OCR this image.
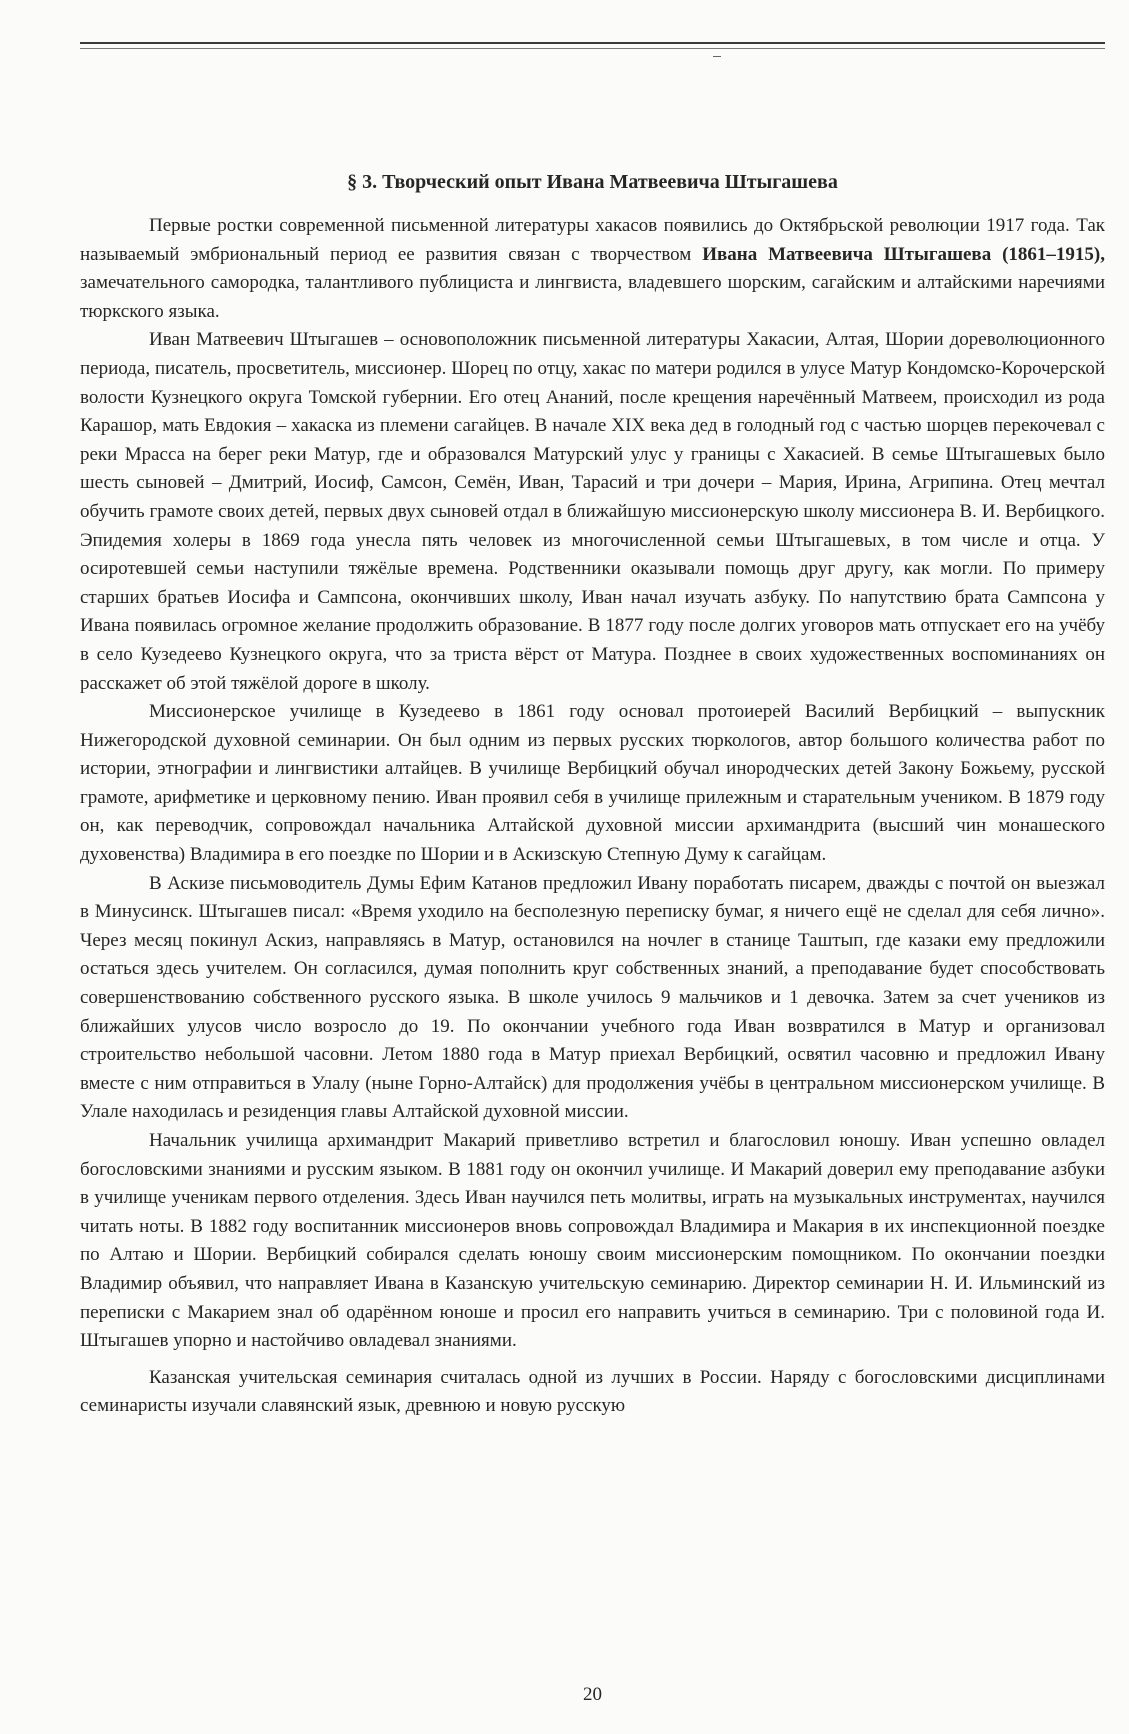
§ 3. Творческий опыт Ивана Матвеевича Штыгашева

Первые ростки современной письменной литературы хакасов появились до Октябрьской революции 1917 года. Так называемый эмбриональный период ее развития связан с творчеством Ивана Матвеевича Штыгашева (1861–1915), замечательного самородка, талантливого публициста и лингвиста, владевшего шорским, сагайским и алтайскими наречиями тюркского языка.

Иван Матвеевич Штыгашев – основоположник письменной литературы Хакасии, Алтая, Шории дореволюционного периода, писатель, просветитель, миссионер. Шорец по отцу, хакас по матери родился в улусе Матур Кондомско-Корочерской волости Кузнецкого округа Томской губернии. Его отец Ананий, после крещения наречённый Матвеем, происходил из рода Карашор, мать Евдокия – хакаска из племени сагайцев. В начале XIX века дед в голодный год с частью шорцев перекочевал с реки Мрасса на берег реки Матур, где и образовался Матурский улус у границы с Хакасией. В семье Штыгашевых было шесть сыновей – Дмитрий, Иосиф, Самсон, Семён, Иван, Тарасий и три дочери – Мария, Ирина, Агрипина. Отец мечтал обучить грамоте своих детей, первых двух сыновей отдал в ближайшую миссионерскую школу миссионера В. И. Вербицкого. Эпидемия холеры в 1869 года унесла пять человек из многочисленной семьи Штыгашевых, в том числе и отца. У осиротевшей семьи наступили тяжёлые времена. Родственники оказывали помощь друг другу, как могли. По примеру старших братьев Иосифа и Сампсона, окончивших школу, Иван начал изучать азбуку. По напутствию брата Сампсона у Ивана появилась огромное желание продолжить образование. В 1877 году после долгих уговоров мать отпускает его на учёбу в село Кузедеево Кузнецкого округа, что за триста вёрст от Матура. Позднее в своих художественных воспоминаниях он расскажет об этой тяжёлой дороге в школу.

Миссионерское училище в Кузедеево в 1861 году основал протоиерей Василий Вербицкий – выпускник Нижегородской духовной семинарии. Он был одним из первых русских тюркологов, автор большого количества работ по истории, этнографии и лингвистики алтайцев. В училище Вербицкий обучал инородческих детей Закону Божьему, русской грамоте, арифметике и церковному пению. Иван проявил себя в училище прилежным и старательным учеником. В 1879 году он, как переводчик, сопровождал начальника Алтайской духовной миссии архимандрита (высший чин монашеского духовенства) Владимира в его поездке по Шории и в Аскизскую Степную Думу к сагайцам.

В Аскизе письмоводитель Думы Ефим Катанов предложил Ивану поработать писарем, дважды с почтой он выезжал в Минусинск. Штыгашев писал: «Время уходило на бесполезную переписку бумаг, я ничего ещё не сделал для себя лично». Через месяц покинул Аскиз, направляясь в Матур, остановился на ночлег в станице Таштып, где казаки ему предложили остаться здесь учителем. Он согласился, думая пополнить круг собственных знаний, а преподавание будет способствовать совершенствованию собственного русского языка. В школе училось 9 мальчиков и 1 девочка. Затем за счет учеников из ближайших улусов число возросло до 19. По окончании учебного года Иван возвратился в Матур и организовал строительство небольшой часовни. Летом 1880 года в Матур приехал Вербицкий, освятил часовню и предложил Ивану вместе с ним отправиться в Улалу (ныне Горно-Алтайск) для продолжения учёбы в центральном миссионерском училище. В Улале находилась и резиденция главы Алтайской духовной миссии.

Начальник училища архимандрит Макарий приветливо встретил и благословил юношу. Иван успешно овладел богословскими знаниями и русским языком. В 1881 году он окончил училище. И Макарий доверил ему преподавание азбуки в училище ученикам первого отделения. Здесь Иван научился петь молитвы, играть на музыкальных инструментах, научился читать ноты. В 1882 году воспитанник миссионеров вновь сопровождал Владимира и Макария в их инспекционной поездке по Алтаю и Шории. Вербицкий собирался сделать юношу своим миссионерским помощником. По окончании поездки Владимир объявил, что направляет Ивана в Казанскую учительскую семинарию. Директор семинарии Н. И. Ильминский из переписки с Макарием знал об одарённом юноше и просил его направить учиться в семинарию. Три с половиной года И. Штыгашев упорно и настойчиво овладевал знаниями.

Казанская учительская семинария считалась одной из лучших в России. Наряду с богословскими дисциплинами семинаристы изучали славянский язык, древнюю и новую русскую

20
